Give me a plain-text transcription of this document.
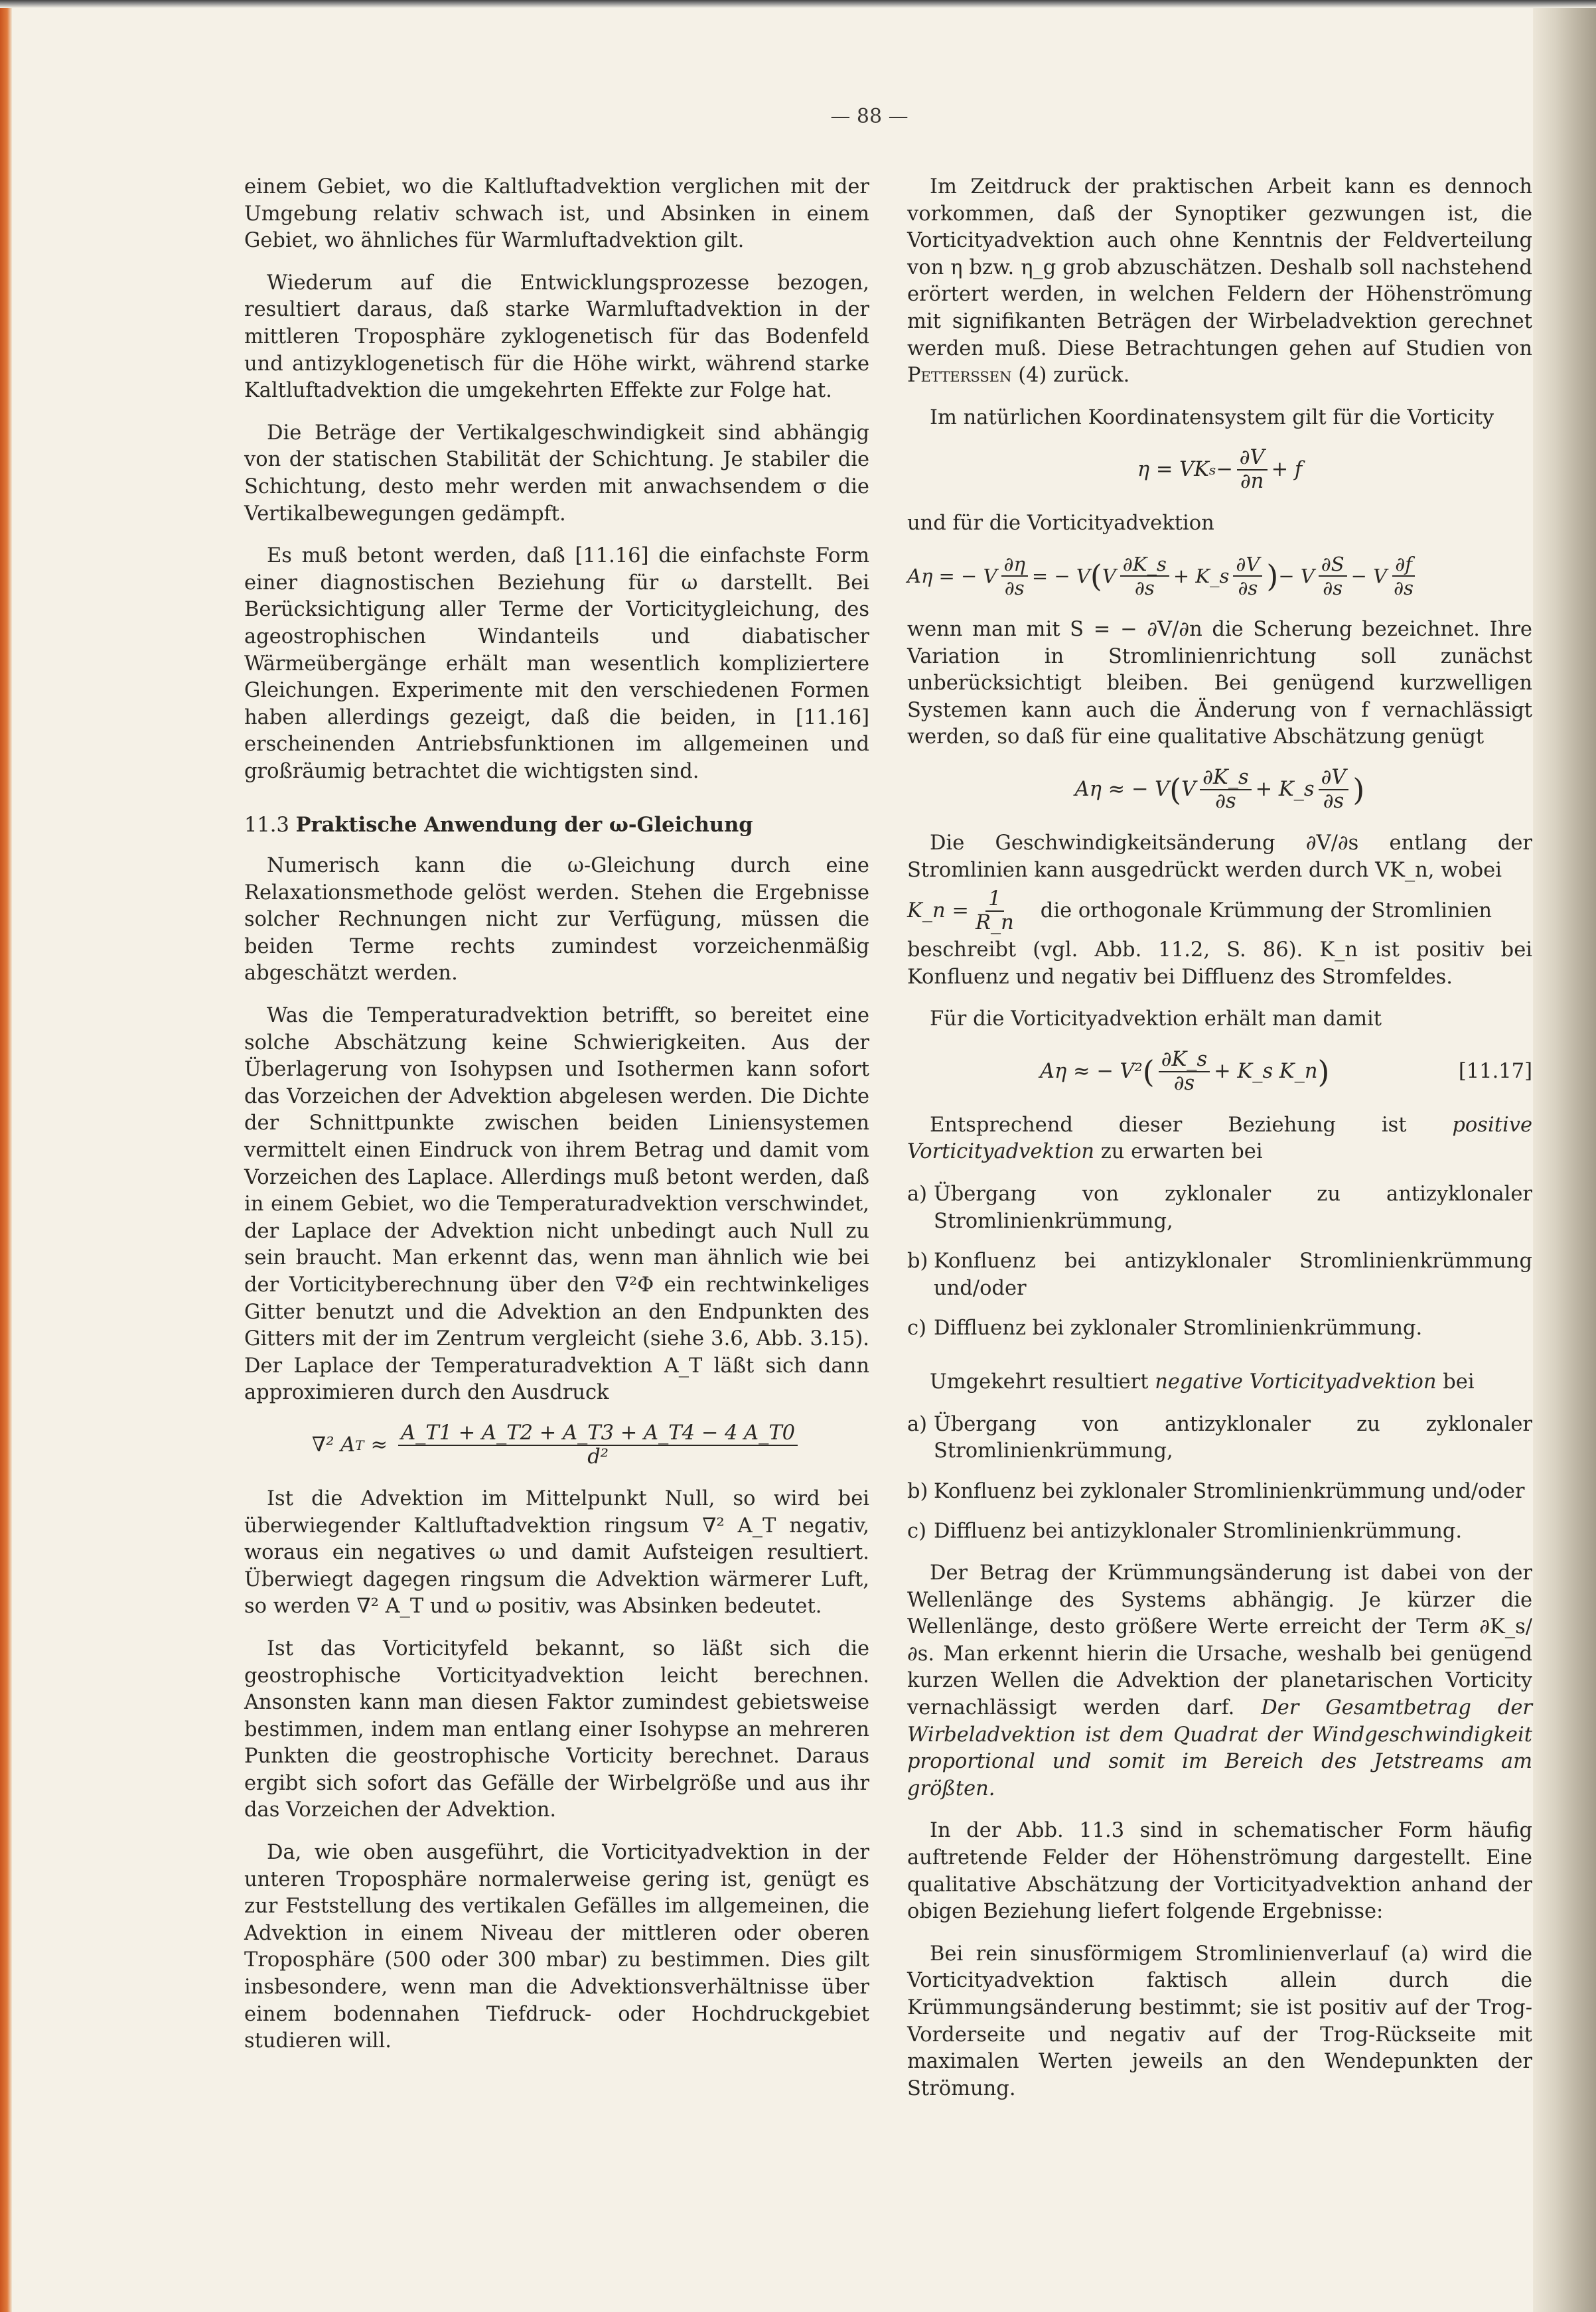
— 88 —

einem Gebiet, wo die Kaltluftadvektion verglichen mit der Umgebung relativ schwach ist, und Absinken in einem Gebiet, wo ähnliches für Warmluftadvektion gilt.

Wiederum auf die Entwicklungsprozesse bezogen, resultiert daraus, daß starke Warmluftadvektion in der mittleren Troposphäre zyklogenetisch für das Bodenfeld und antizyklogenetisch für die Höhe wirkt, während starke Kaltluftadvektion die umgekehrten Effekte zur Folge hat.

Die Beträge der Vertikalgeschwindigkeit sind abhängig von der statischen Stabilität der Schichtung. Je stabiler die Schichtung, desto mehr werden mit anwachsendem σ die Vertikalbewegungen gedämpft.

Es muß betont werden, daß [11.16] die einfachste Form einer diagnostischen Beziehung für ω darstellt. Bei Berücksichtigung aller Terme der Vorticitygleichung, des ageostrophischen Windanteils und diabatischer Wärmeübergänge erhält man wesentlich kompliziertere Gleichungen. Experimente mit den verschiedenen Formen haben allerdings gezeigt, daß die beiden, in [11.16] erscheinenden Antriebsfunktionen im allgemeinen und großräumig betrachtet die wichtigsten sind.

11.3 Praktische Anwendung der ω-Gleichung

Numerisch kann die ω-Gleichung durch eine Relaxationsmethode gelöst werden. Stehen die Ergebnisse solcher Rechnungen nicht zur Verfügung, müssen die beiden Terme rechts zumindest vorzeichenmäßig abgeschätzt werden.

Was die Temperaturadvektion betrifft, so bereitet eine solche Abschätzung keine Schwierigkeiten. Aus der Überlagerung von Isohypsen und Isothermen kann sofort das Vorzeichen der Advektion abgelesen werden. Die Dichte der Schnittpunkte zwischen beiden Liniensystemen vermittelt einen Eindruck von ihrem Betrag und damit vom Vorzeichen des Laplace. Allerdings muß betont werden, daß in einem Gebiet, wo die Temperaturadvektion verschwindet, der Laplace der Advektion nicht unbedingt auch Null zu sein braucht. Man erkennt das, wenn man ähnlich wie bei der Vorticityberechnung über den ∇²Φ ein rechtwinkeliges Gitter benutzt und die Advektion an den Endpunkten des Gitters mit der im Zentrum vergleicht (siehe 3.6, Abb. 3.15). Der Laplace der Temperaturadvektion A_T läßt sich dann approximieren durch den Ausdruck

∇² A $T \approx \frac{A\_T1 + A\_T2 + A\_T3 + A\_T4 - 4 A\_T0}{\text{d²}}$

Ist die Advektion im Mittelpunkt Null, so wird bei überwiegender Kaltluftadvektion ringsum ∇² A_T negativ, woraus ein negatives ω und damit Aufsteigen resultiert. Überwiegt dagegen ringsum die Advektion wärmerer Luft, so werden ∇² A_T und ω positiv, was Absinken bedeutet.

Ist das Vorticityfeld bekannt, so läßt sich die geostrophische Vorticityadvektion leicht berechnen. Ansonsten kann man diesen Faktor zumindest gebietsweise bestimmen, indem man entlang einer Isohypse an mehreren Punkten die geostrophische Vorticity berechnet. Daraus ergibt sich sofort das Gefälle der Wirbelgröße und aus ihr das Vorzeichen der Advektion.

Da, wie oben ausgeführt, die Vorticityadvektion in der unteren Troposphäre normalerweise gering ist, genügt es zur Feststellung des vertikalen Gefälles im allgemeinen, die Advektion in einem Niveau der mittleren oder oberen Troposphäre (500 oder 300 mbar) zu bestimmen. Dies gilt insbesondere, wenn man die Advektionsverhältnisse über einem bodennahen Tiefdruck- oder Hochdruckgebiet studieren will.

Im Zeitdruck der praktischen Arbeit kann es dennoch vorkommen, daß der Synoptiker gezwungen ist, die Vorticityadvektion auch ohne Kenntnis der Feldverteilung von η bzw. η_g grob abzuschätzen. Deshalb soll nachstehend erörtert werden, in welchen Feldern der Höhenströmung mit signifikanten Beträgen der Wirbeladvektion gerechnet werden muß. Diese Betrachtungen gehen auf Studien von Petterssen (4) zurück.

Im natürlichen Koordinatensystem gilt für die Vorticity

η = VK $s - \frac{\partial V}{\partial n} + f$

und für die Vorticityadvektion

Aη = − V $\frac{\partial\eta}{\partial s}$ = − V ( V $\frac{\partial K\_s}{\partial s}$ + K_s $\frac{\partial V}{\partial s}$ ) − V $\frac{\partial S}{\partial s} - V \frac{\partial f}{\partial s}$

wenn man mit S = − ∂V/∂n die Scherung bezeichnet. Ihre Variation in Stromlinienrichtung soll zunächst unberücksichtigt bleiben. Bei genügend kurzwelligen Systemen kann auch die Änderung von f vernachlässigt werden, so daß für eine qualitative Abschätzung genügt

Aη ≈ − V ( V $\frac{\partial K\_s}{\partial s}$ + K_s $\frac{\partial V}{\partial s}$ )

Die Geschwindigkeitsänderung ∂V/∂s entlang der Stromlinien kann ausgedrückt werden durch VK_n, wobei

K_n = $\frac{1}{R\_n}$ die orthogonale Krümmung der Stromlinien

beschreibt (vgl. Abb. 11.2, S. 86). K_n ist positiv bei Konfluenz und negativ bei Diffluenz des Stromfeldes.

Für die Vorticityadvektion erhält man damit

Aη ≈ − V² ( $\frac{\partial K\_s}{\partial s}$ + K_s K_n )	[11.17]

Entsprechend dieser Beziehung ist positive Vorticityadvektion zu erwarten bei

a) Übergang von zyklonaler zu antizyklonaler Stromlinienkrümmung,
b) Konfluenz bei antizyklonaler Stromlinienkrümmung und/oder
c) Diffluenz bei zyklonaler Stromlinienkrümmung.

Umgekehrt resultiert negative Vorticityadvektion bei

a) Übergang von antizyklonaler zu zyklonaler Stromlinienkrümmung,
b) Konfluenz bei zyklonaler Stromlinienkrümmung und/oder
c) Diffluenz bei antizyklonaler Stromlinienkrümmung.

Der Betrag der Krümmungsänderung ist dabei von der Wellenlänge des Systems abhängig. Je kürzer die Wellenlänge, desto größere Werte erreicht der Term ∂K_s/∂s. Man erkennt hierin die Ursache, weshalb bei genügend kurzen Wellen die Advektion der planetarischen Vorticity vernachlässigt werden darf. Der Gesamtbetrag der Wirbeladvektion ist dem Quadrat der Windgeschwindigkeit proportional und somit im Bereich des Jetstreams am größten.

In der Abb. 11.3 sind in schematischer Form häufig auftretende Felder der Höhenströmung dargestellt. Eine qualitative Abschätzung der Vorticityadvektion anhand der obigen Beziehung liefert folgende Ergebnisse:

Bei rein sinusförmigem Stromlinienverlauf (a) wird die Vorticityadvektion faktisch allein durch die Krümmungsänderung bestimmt; sie ist positiv auf der Trog-Vorderseite und negativ auf der Trog-Rückseite mit maximalen Werten jeweils an den Wendepunkten der Strömung.
